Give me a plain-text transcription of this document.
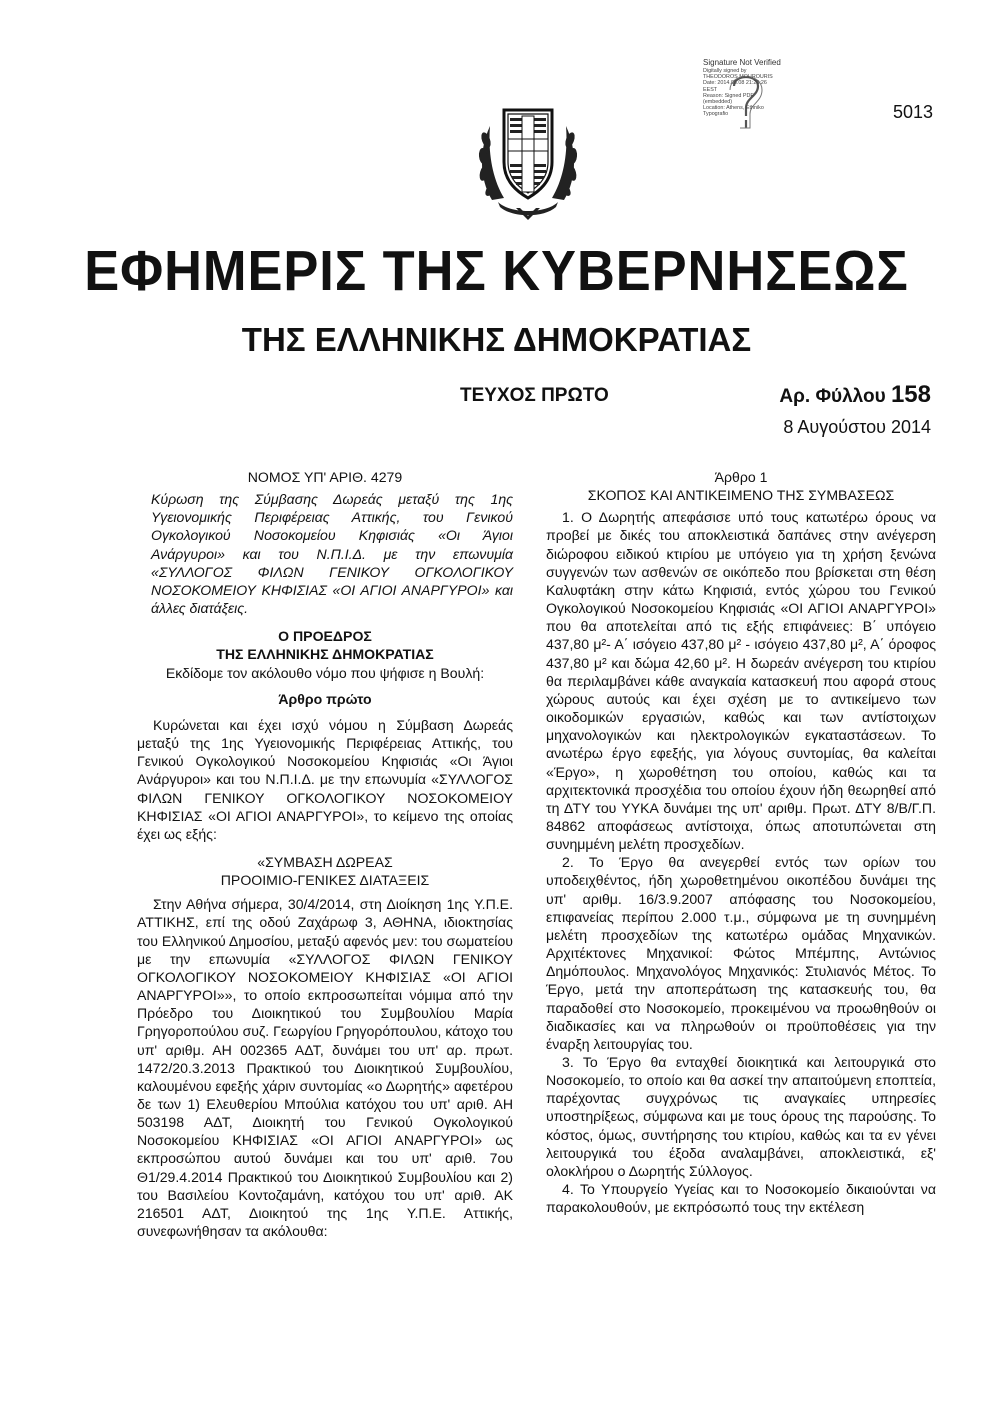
Signature Not Verified
Digitally signed by
THEODOROS MOUROURIS
Date: 2014.08.08 21:25:26
EEST
Reason: Signed PDF
(embedded)
Location: Athens, Ethniko
Typografio	5013
ΕΦΗΜΕΡΙΣ ΤΗΣ ΚΥΒΕΡΝΗΣΕΩΣ
ΤΗΣ ΕΛΛΗΝΙΚΗΣ ΔΗΜΟΚΡΑΤΙΑΣ
ΤΕΥΧΟΣ ΠΡΩΤΟ	Αρ. Φύλλου 158
8 Αυγούστου 2014

ΝΟΜΟΣ ΥΠ' ΑΡΙΘ. 4279

Κύρωση της Σύμβασης Δωρεάς μεταξύ της 1ης Υγειονομικής Περιφέρειας Αττικής, του Γενικού Ογκολογικού Νοσοκομείου Κηφισιάς «Οι Άγιοι Ανάργυροι» και του Ν.Π.Ι.Δ. με την επωνυμία «ΣΥΛΛΟΓΟΣ ΦΙΛΩΝ ΓΕΝΙΚΟΥ ΟΓΚΟΛΟΓΙΚΟΥ ΝΟΣΟΚΟΜΕΙΟΥ ΚΗΦΙΣΙΑΣ «ΟΙ ΑΓΙΟΙ ΑΝΑΡΓΥΡΟΙ» και άλλες διατάξεις.

Ο ΠΡΟΕΔΡΟΣ

ΤΗΣ ΕΛΛΗΝΙΚΗΣ ΔΗΜΟΚΡΑΤΙΑΣ

Εκδίδομε τον ακόλουθο νόμο που ψήφισε η Βουλή:

Άρθρο πρώτο

Κυρώνεται και έχει ισχύ νόμου η Σύμβαση Δωρεάς μεταξύ της 1ης Υγειονομικής Περιφέρειας Αττικής, του Γενικού Ογκολογικού Νοσοκομείου Κηφισιάς «Οι Άγιοι Ανάργυροι» και του Ν.Π.Ι.Δ. με την επωνυμία «ΣΥΛΛΟΓΟΣ ΦΙΛΩΝ ΓΕΝΙΚΟΥ ΟΓΚΟΛΟΓΙΚΟΥ ΝΟΣΟΚΟΜΕΙΟΥ ΚΗΦΙΣΙΑΣ «ΟΙ ΑΓΙΟΙ ΑΝΑΡΓΥΡΟΙ», το κείμενο της οποίας έχει ως εξής:

«ΣΥΜΒΑΣΗ ΔΩΡΕΑΣ

ΠΡΟΟΙΜΙΟ-ΓΕΝΙΚΕΣ ΔΙΑΤΑΞΕΙΣ

Στην Αθήνα σήμερα, 30/4/2014, στη Διοίκηση 1ης Υ.Π.Ε. ΑΤΤΙΚΗΣ, επί της οδού Ζαχάρωφ 3, ΑΘΗΝΑ, ιδιοκτησίας του Ελληνικού Δημοσίου, μεταξύ αφενός μεν: του σωματείου με την επωνυμία «ΣΥΛΛΟΓΟΣ ΦΙΛΩΝ ΓΕΝΙΚΟΥ ΟΓΚΟΛΟΓΙΚΟΥ ΝΟΣΟΚΟΜΕΙΟΥ ΚΗΦΙΣΙΑΣ «ΟΙ ΑΓΙΟΙ ΑΝΑΡΓΥΡΟΙ»», το οποίο εκπροσωπείται νόμιμα από την Πρόεδρο του Διοικητικού του Συμβουλίου Μαρία Γρηγοροπούλου συζ. Γεωργίου Γρηγορόπουλου, κάτοχο του υπ' αριθμ. ΑΗ 002365 ΑΔΤ, δυνάμει του υπ' αρ. πρωτ. 1472/20.3.2013 Πρακτικού του Διοικητικού Συμβουλίου, καλουμένου εφεξής χάριν συντομίας «ο Δωρητής» αφετέρου δε των 1) Ελευθερίου Μπούλια κατόχου του υπ' αριθ. ΑΗ 503198 ΑΔΤ, Διοικητή του Γενικού Ογκολογικού Νοσοκομείου ΚΗΦΙΣΙΑΣ «ΟΙ ΑΓΙΟΙ ΑΝΑΡΓΥΡΟΙ» ως εκπροσώπου αυτού δυνάμει και του υπ' αριθ. 7ου Θ1/29.4.2014 Πρακτικού του Διοικητικού Συμβουλίου και 2) του Βασιλείου Κοντοζαμάνη, κατόχου του υπ' αριθ. ΑΚ 216501 ΑΔΤ, Διοικητού της 1ης Υ.Π.Ε. Αττικής, συνεφωνήθησαν τα ακόλουθα:

Άρθρο 1

ΣΚΟΠΟΣ ΚΑΙ ΑΝΤΙΚΕΙΜΕΝΟ ΤΗΣ ΣΥΜΒΑΣΕΩΣ

1. Ο Δωρητής απεφάσισε υπό τους κατωτέρω όρους να προβεί με δικές του αποκλειστικά δαπάνες στην ανέγερση διώροφου ειδικού κτιρίου με υπόγειο για τη χρήση ξενώνα συγγενών των ασθενών σε οικόπεδο που βρίσκεται στη θέση Καλυφτάκη στην κάτω Κηφισιά, εντός χώρου του Γενικού Ογκολογικού Νοσοκομείου Κηφισιάς «ΟΙ ΑΓΙΟΙ ΑΝΑΡΓΥΡΟΙ» που θα αποτελείται από τις εξής επιφάνειες: Β΄ υπόγειο 437,80 μ²- Α΄ ισόγειο 437,80 μ² - ισόγειο 437,80 μ², Α΄ όροφος 437,80 μ² και δώμα 42,60 μ². Η δωρεάν ανέγερση του κτιρίου θα περιλαμβάνει κάθε αναγκαία κατασκευή που αφορά στους χώρους αυτούς και έχει σχέση με το αντικείμενο των οικοδομικών εργασιών, καθώς και των αντίστοιχων μηχανολογικών και ηλεκτρολογικών εγκαταστάσεων. Το ανωτέρω έργο εφεξής, για λόγους συντομίας, θα καλείται «Έργο», η χωροθέτηση του οποίου, καθώς και τα αρχιτεκτονικά προσχέδια του οποίου έχουν ήδη θεωρηθεί από τη ΔΤΥ του ΥΥΚΑ δυνάμει της υπ' αριθμ. Πρωτ. ΔΤΥ 8/Β/Γ.Π. 84862 αποφάσεως αντίστοιχα, όπως αποτυπώνεται στη συνημμένη μελέτη προσχεδίων.

2. Το Έργο θα ανεγερθεί εντός των ορίων του υποδειχθέντος, ήδη χωροθετημένου οικοπέδου δυνάμει της υπ' αριθμ. 16/3.9.2007 απόφασης του Νοσοκομείου, επιφανείας περίπου 2.000 τ.μ., σύμφωνα με τη συνημμένη μελέτη προσχεδίων της κατωτέρω ομάδας Μηχανικών. Αρχιτέκτονες Μηχανικοί: Φώτος Μπέμπης, Αντώνιος Δημόπουλος. Μηχανολόγος Μηχανικός: Στυλιανός Μέτος. Το Έργο, μετά την αποπεράτωση της κατασκευής του, θα παραδοθεί στο Νοσοκομείο, προκειμένου να προωθηθούν οι διαδικασίες και να πληρωθούν οι προϋποθέσεις για την έναρξη λειτουργίας του.

3. Το Έργο θα ενταχθεί διοικητικά και λειτουργικά στο Νοσοκομείο, το οποίο και θα ασκεί την απαιτούμενη εποπτεία, παρέχοντας συγχρόνως τις αναγκαίες υπηρεσίες υποστηρίξεως, σύμφωνα και με τους όρους της παρούσης. Το κόστος, όμως, συντήρησης του κτιρίου, καθώς και τα εν γένει λειτουργικά του έξοδα αναλαμβάνει, αποκλειστικά, εξ' ολοκλήρου ο Δωρητής Σύλλογος.

4. Το Υπουργείο Υγείας και το Νοσοκομείο δικαιούνται να παρακολουθούν, με εκπρόσωπό τους την εκτέλεση
